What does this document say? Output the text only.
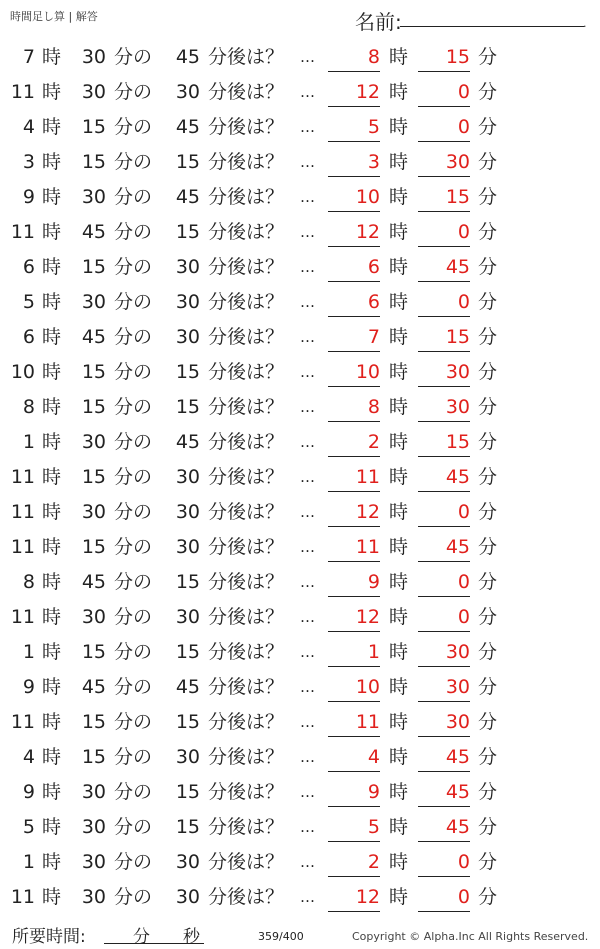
時間足し算 | 解答	名前:	.
7 時	30 分の	45 分後は？ …	8 時	15 分
11 時	30 分の	30 分後は？ …	12 時	0 分
4 時	15 分の	45 分後は？ …	5 時	0 分
3 時	15 分の	15 分後は？ …	3 時	30 分
9 時	30 分の	45 分後は？ …	10 時	15 分
11 時	45 分の	15 分後は？ …	12 時	0 分
6 時	15 分の	30 分後は？ …	6 時	45 分
5 時	30 分の	30 分後は？ …	6 時	0 分
6 時	45 分の	30 分後は？ …	7 時	15 分
10 時	15 分の	15 分後は？ …	10 時	30 分
8 時	15 分の	15 分後は？ …	8 時	30 分
1 時	30 分の	45 分後は？ …	2 時	15 分
11 時	15 分の	30 分後は？ …	11 時	45 分
11 時	30 分の	30 分後は？ …	12 時	0 分
11 時	15 分の	30 分後は？ …	11 時	45 分
8 時	45 分の	15 分後は？ …	9 時	0 分
11 時	30 分の	30 分後は？ …	12 時	0 分
1 時	15 分の	15 分後は？ …	1 時	30 分
9 時	45 分の	45 分後は？ …	10 時	30 分
11 時	15 分の	15 分後は？ …	11 時	30 分
4 時	15 分の	30 分後は？ …	4 時	45 分
9 時	30 分の	15 分後は？ …	9 時	45 分
5 時	30 分の	15 分後は？ …	5 時	45 分
1 時	30 分の	30 分後は？ …	2 時	0 分
11 時	30 分の	30 分後は？ …	12 時	0 分
所要時間:	分 秒	359/400	Copyright © Alpha.Inc All Rights Reserved.
